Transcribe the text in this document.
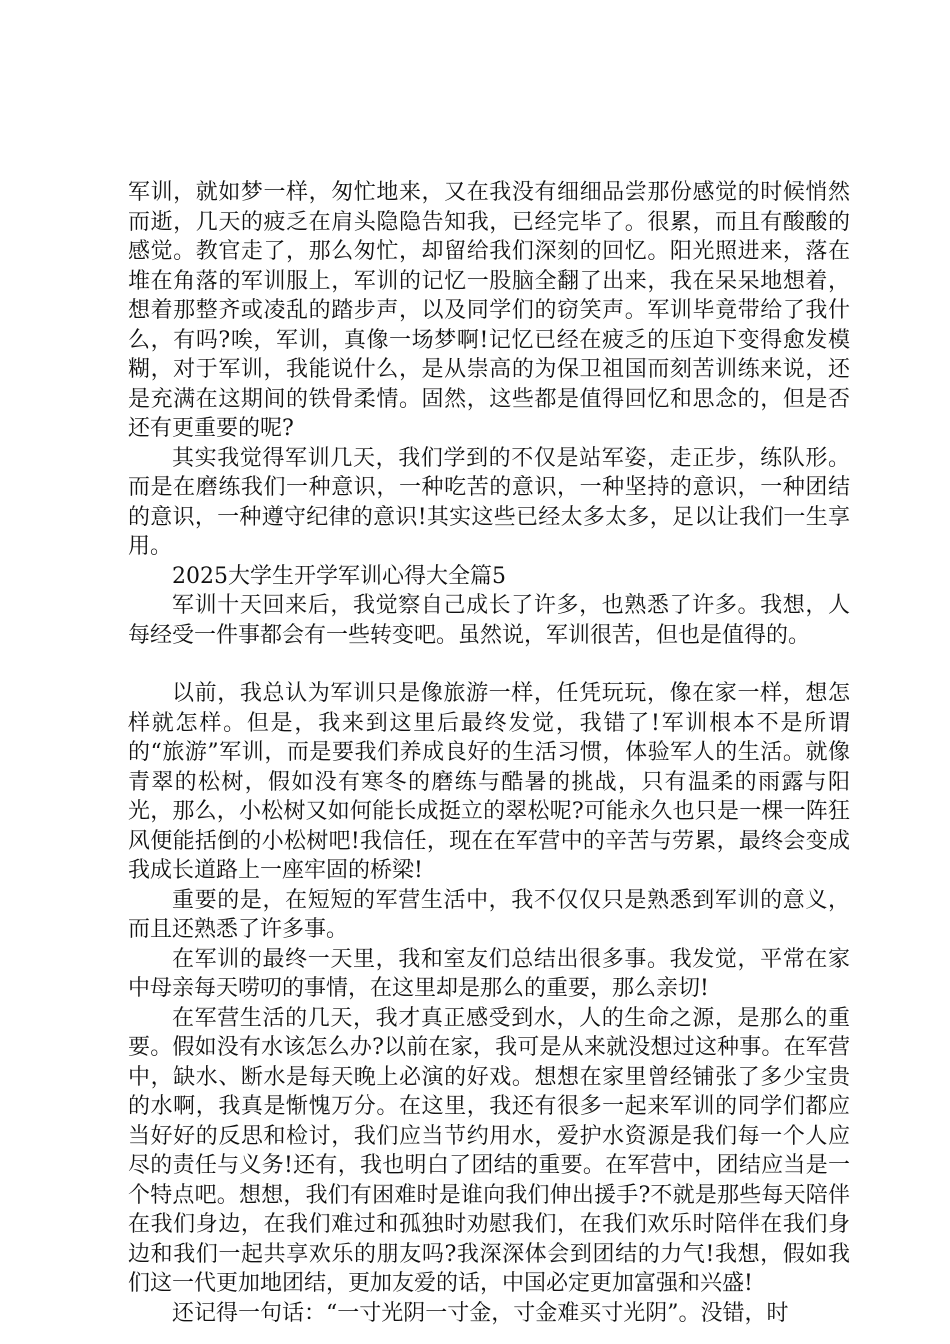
军训，就如梦一样，匆忙地来，又在我没有细细品尝那份感觉的时候悄然而逝，几天的疲乏在肩头隐隐告知我，已经完毕了。很累，而且有酸酸的感觉。教官走了，那么匆忙，却留给我们深刻的回忆。阳光照进来，落在堆在角落的军训服上，军训的记忆一股脑全翻了出来，我在呆呆地想着，想着那整齐或凌乱的踏步声，以及同学们的窃笑声。军训毕竟带给了我什么，有吗?唉，军训，真像一场梦啊!记忆已经在疲乏的压迫下变得愈发模糊，对于军训，我能说什么，是从崇高的为保卫祖国而刻苦训练来说，还是充满在这期间的铁骨柔情。固然，这些都是值得回忆和思念的，但是否还有更重要的呢?

其实我觉得军训几天，我们学到的不仅是站军姿，走正步，练队形。而是在磨练我们一种意识，一种吃苦的意识，一种坚持的意识，一种团结的意识，一种遵守纪律的意识!其实这些已经太多太多，足以让我们一生享用。

2025大学生开学军训心得大全篇5

军训十天回来后，我觉察自己成长了许多，也熟悉了许多。我想，人每经受一件事都会有一些转变吧。虽然说，军训很苦，但也是值得的。

以前，我总认为军训只是像旅游一样，任凭玩玩，像在家一样，想怎样就怎样。但是，我来到这里后最终发觉，我错了!军训根本不是所谓的“旅游”军训，而是要我们养成良好的生活习惯，体验军人的生活。就像青翠的松树，假如没有寒冬的磨练与酷暑的挑战，只有温柔的雨露与阳光，那么，小松树又如何能长成挺立的翠松呢?可能永久也只是一棵一阵狂风便能括倒的小松树吧!我信任，现在在军营中的辛苦与劳累，最终会变成我成长道路上一座牢固的桥梁!

重要的是，在短短的军营生活中，我不仅仅只是熟悉到军训的意义，而且还熟悉了许多事。

在军训的最终一天里，我和室友们总结出很多事。我发觉，平常在家中母亲每天唠叨的事情，在这里却是那么的重要，那么亲切!

在军营生活的几天，我才真正感受到水，人的生命之源，是那么的重要。假如没有水该怎么办?以前在家，我可是从来就没想过这种事。在军营中，缺水、断水是每天晚上必演的好戏。想想在家里曾经铺张了多少宝贵的水啊，我真是惭愧万分。在这里，我还有很多一起来军训的同学们都应当好好的反思和检讨，我们应当节约用水，爱护水资源是我们每一个人应尽的责任与义务!还有，我也明白了团结的重要。在军营中，团结应当是一个特点吧。想想，我们有困难时是谁向我们伸出援手?不就是那些每天陪伴在我们身边，在我们难过和孤独时劝慰我们，在我们欢乐时陪伴在我们身边和我们一起共享欢乐的朋友吗?我深深体会到团结的力气!我想，假如我们这一代更加地团结，更加友爱的话，中国必定更加富强和兴盛!

还记得一句话：“一寸光阴一寸金，寸金难买寸光阴”。没错，时
